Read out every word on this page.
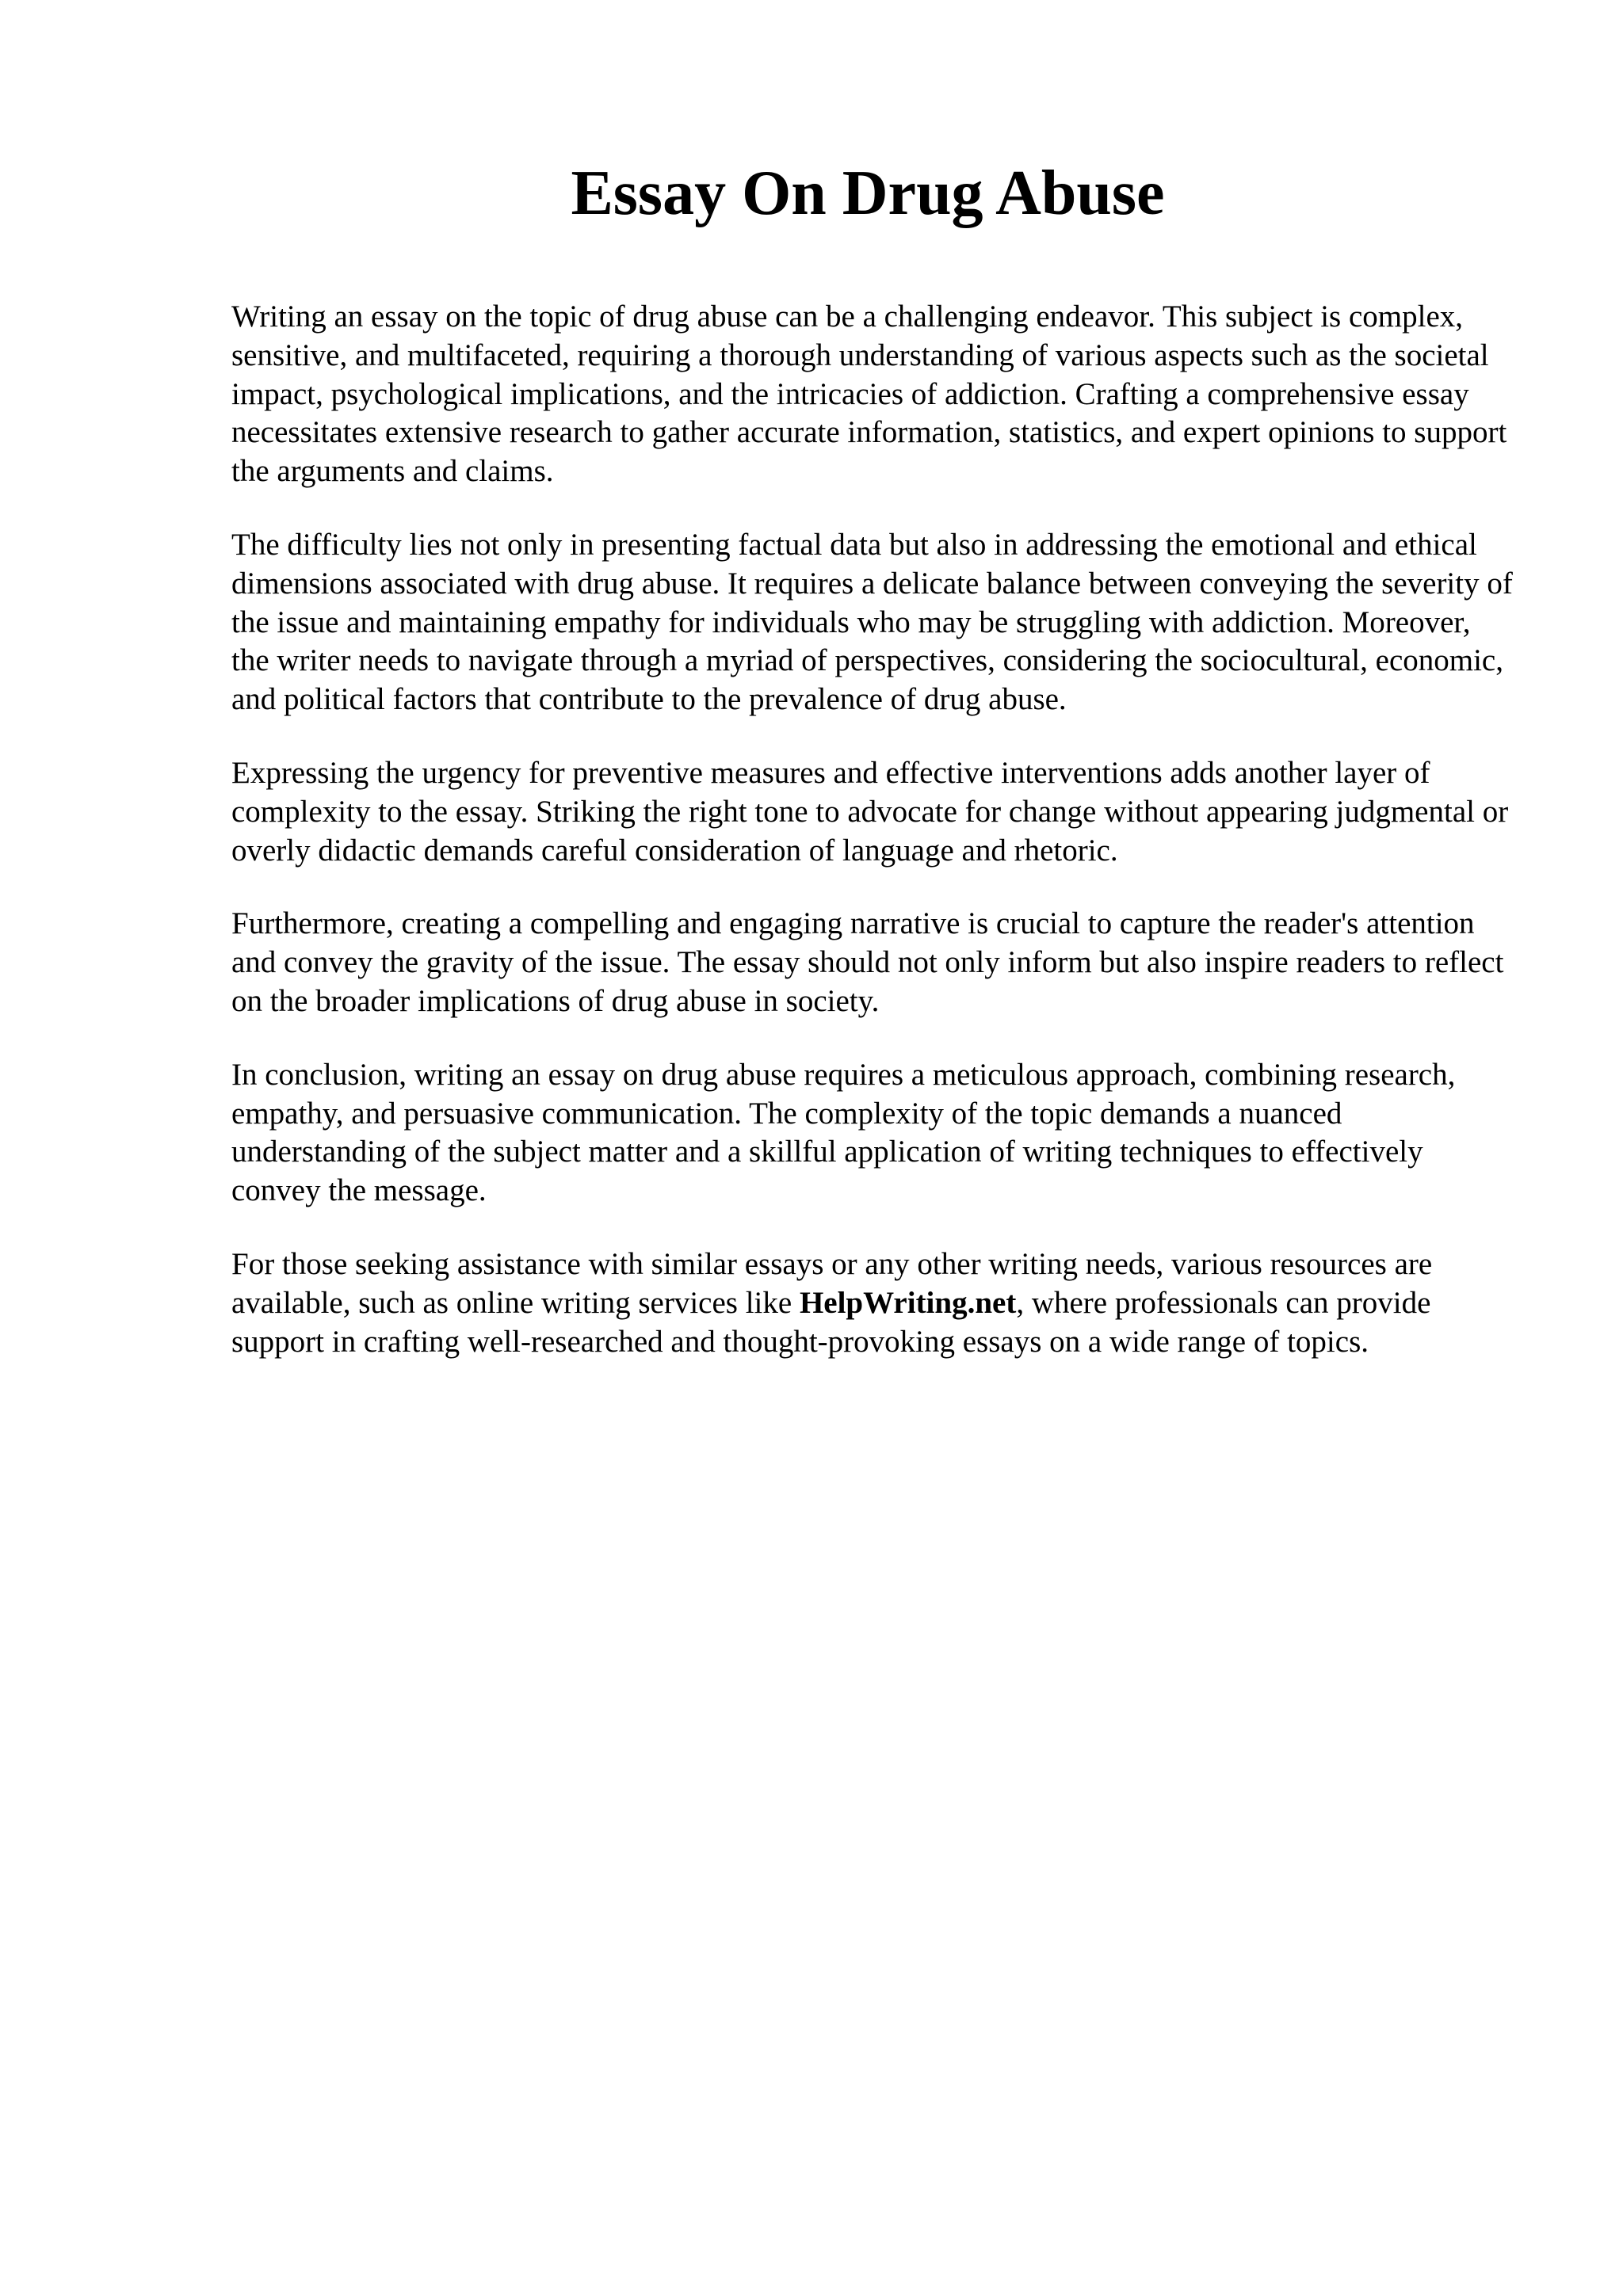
Essay On Drug Abuse

Writing an essay on the topic of drug abuse can be a challenging endeavor. This subject is complex, sensitive, and multifaceted, requiring a thorough understanding of various aspects such as the societal impact, psychological implications, and the intricacies of addiction. Crafting a comprehensive essay necessitates extensive research to gather accurate information, statistics, and expert opinions to support the arguments and claims.

The difficulty lies not only in presenting factual data but also in addressing the emotional and ethical dimensions associated with drug abuse. It requires a delicate balance between conveying the severity of the issue and maintaining empathy for individuals who may be struggling with addiction. Moreover, the writer needs to navigate through a myriad of perspectives, considering the sociocultural, economic, and political factors that contribute to the prevalence of drug abuse.

Expressing the urgency for preventive measures and effective interventions adds another layer of complexity to the essay. Striking the right tone to advocate for change without appearing judgmental or overly didactic demands careful consideration of language and rhetoric.

Furthermore, creating a compelling and engaging narrative is crucial to capture the reader's attention and convey the gravity of the issue. The essay should not only inform but also inspire readers to reflect on the broader implications of drug abuse in society.

In conclusion, writing an essay on drug abuse requires a meticulous approach, combining research, empathy, and persuasive communication. The complexity of the topic demands a nuanced understanding of the subject matter and a skillful application of writing techniques to effectively convey the message.

For those seeking assistance with similar essays or any other writing needs, various resources are available, such as online writing services like HelpWriting.net, where professionals can provide support in crafting well-researched and thought-provoking essays on a wide range of topics.
